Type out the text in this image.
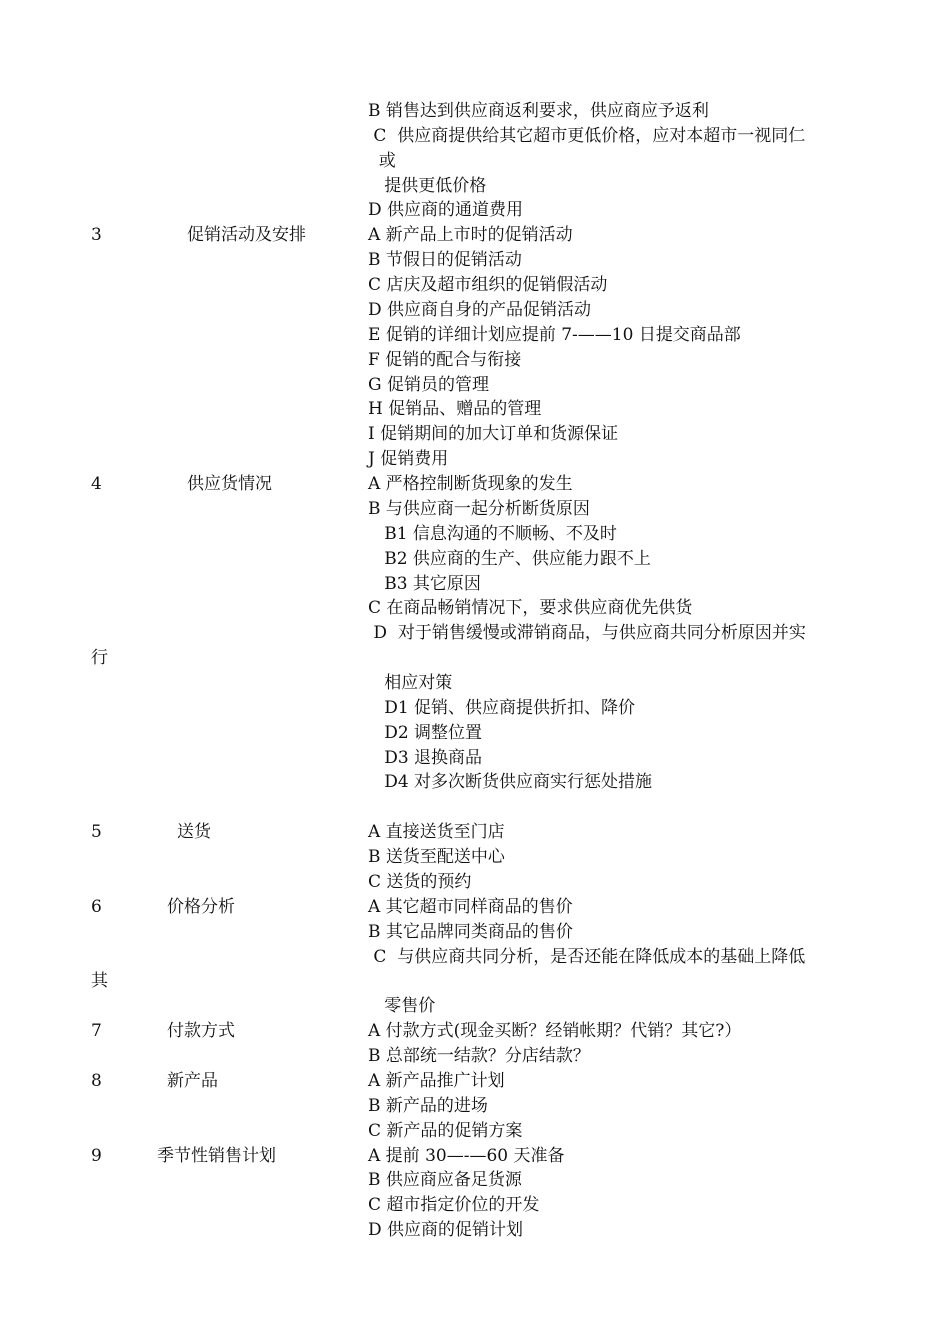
B 销售达到供应商返利要求，供应商应予返利
C  供应商提供给其它超市更低价格，应对本超市一视同仁
或
提供更低价格
D 供应商的通道费用
3	促销活动及安排	A 新产品上市时的促销活动
B 节假日的促销活动
C 店庆及超市组织的促销假活动
D 供应商自身的产品促销活动
E 促销的详细计划应提前 7-——10 日提交商品部
F 促销的配合与衔接
G 促销员的管理
H 促销品、赠品的管理
I 促销期间的加大订单和货源保证
J 促销费用
4	供应货情况	A 严格控制断货现象的发生
B 与供应商一起分析断货原因
B1 信息沟通的不顺畅、不及时
B2 供应商的生产、供应能力跟不上
B3 其它原因
C 在商品畅销情况下，要求供应商优先供货
D  对于销售缓慢或滞销商品，与供应商共同分析原因并实
行
相应对策
D1 促销、供应商提供折扣、降价
D2 调整位置
D3 退换商品
D4 对多次断货供应商实行惩处措施
5	送货	A 直接送货至门店
B 送货至配送中心
C 送货的预约
6	价格分析	A 其它超市同样商品的售价
B 其它品牌同类商品的售价
C  与供应商共同分析，是否还能在降低成本的基础上降低
其
零售价
7	付款方式	A 付款方式(现金买断？经销帐期？代销？其它?）
B 总部统一结款？分店结款？
8	新产品	A 新产品推广计划
B 新产品的进场
C 新产品的促销方案
9	季节性销售计划	A 提前 30—-—60 天准备
B 供应商应备足货源
C 超市指定价位的开发
D 供应商的促销计划
